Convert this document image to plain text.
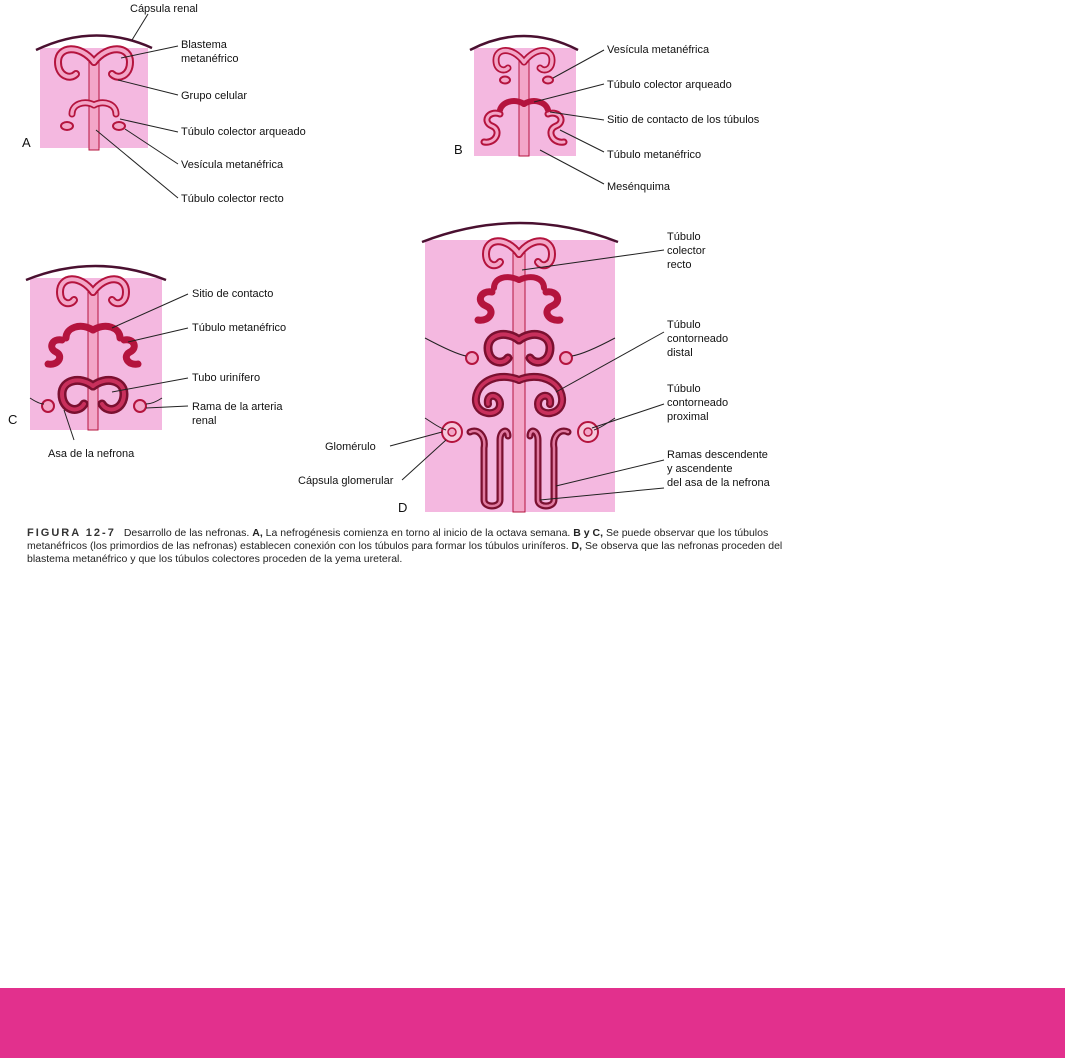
Cápsula renal
Blastema
metanéfrico
Grupo celular
Túbulo colector arqueado
Vesícula metanéfrica
Túbulo colector recto
A
Vesícula metanéfrica
Túbulo colector arqueado
Sitio de contacto de los túbulos
Túbulo metanéfrico
Mesénquima
B
Sitio de contacto
Túbulo metanéfrico
Tubo urinífero
Rama de la arteria
renal
Asa de la nefrona
C
Túbulo
colector
recto
Túbulo
contorneado
distal
Túbulo
contorneado
proximal
Ramas descendente
y ascendente
del asa de la nefrona
Glomérulo
Cápsula glomerular
D
FIGURA 12-7 Desarrollo de las nefronas. A, La nefrogénesis comienza en torno al inicio de la octava semana. B y C, Se puede observar que los túbulos metanéfricos (los primordios de las nefronas) establecen conexión con los túbulos para formar los túbulos uriníferos. D, Se observa que las nefronas proceden del blastema metanéfrico y que los túbulos colectores proceden de la yema ureteral.
